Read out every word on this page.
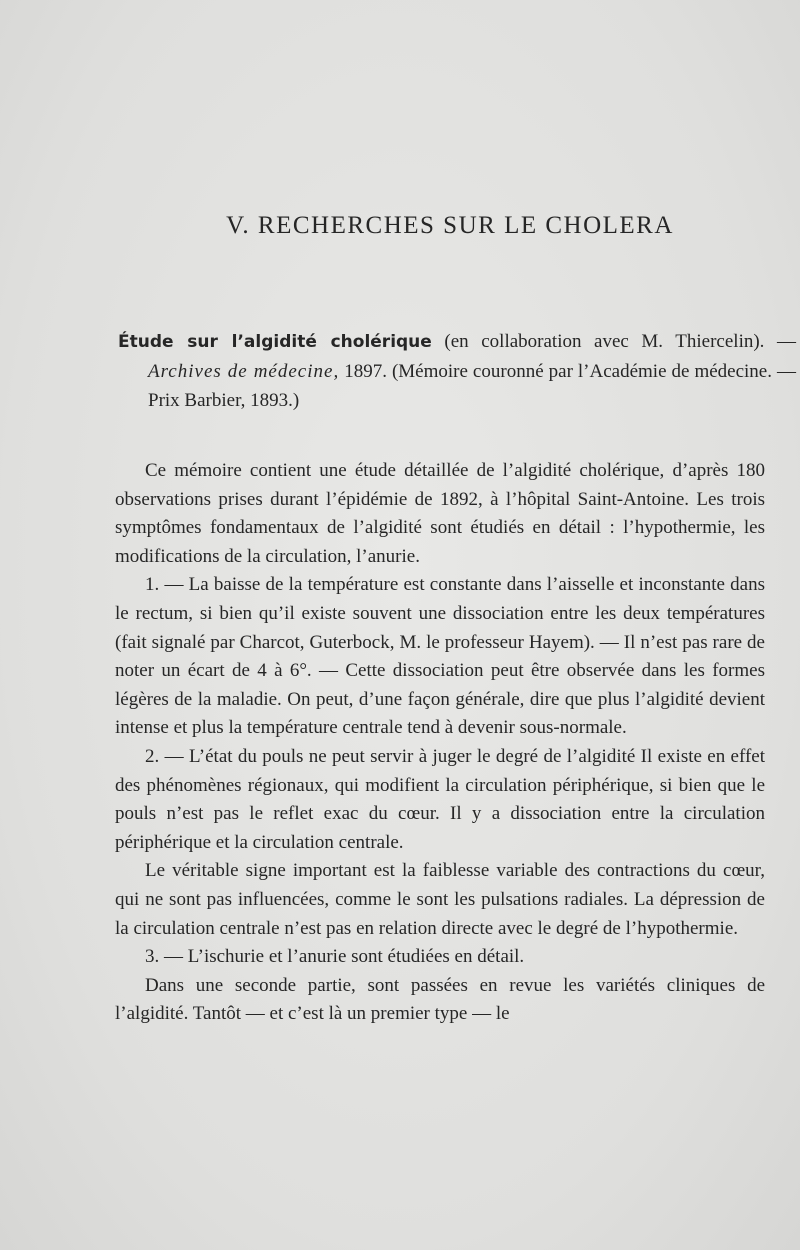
V. RECHERCHES SUR LE CHOLERA
Étude sur l’algidité cholérique (en collaboration avec M. Thiercelin). — Archives de médecine, 1897. (Mémoire couronné par l’Académie de médecine. — Prix Barbier, 1893.)

Ce mémoire contient une étude détaillée de l’algidité cholérique, d’après 180 observations prises durant l’épidémie de 1892, à l’hôpital Saint-Antoine. Les trois symptômes fondamentaux de l’algidité sont étudiés en détail : l’hypothermie, les modifications de la circulation, l’anurie.

1. — La baisse de la température est constante dans l’aisselle et inconstante dans le rectum, si bien qu’il existe souvent une dissociation entre les deux températures (fait signalé par Charcot, Guterbock, M. le professeur Hayem). — Il n’est pas rare de noter un écart de 4 à 6°. — Cette dissociation peut être observée dans les formes légères de la maladie. On peut, d’une façon générale, dire que plus l’algidité devient intense et plus la température centrale tend à devenir sous-normale.

2. — L’état du pouls ne peut servir à juger le degré de l’algidité Il existe en effet des phénomènes régionaux, qui modifient la circulation périphérique, si bien que le pouls n’est pas le reflet exac du cœur. Il y a dissociation entre la circulation périphérique et la circulation centrale.

Le véritable signe important est la faiblesse variable des contractions du cœur, qui ne sont pas influencées, comme le sont les pulsations radiales. La dépression de la circulation centrale n’est pas en relation directe avec le degré de l’hypothermie.

3. — L’ischurie et l’anurie sont étudiées en détail.

Dans une seconde partie, sont passées en revue les variétés cliniques de l’algidité. Tantôt — et c’est là un premier type — le
